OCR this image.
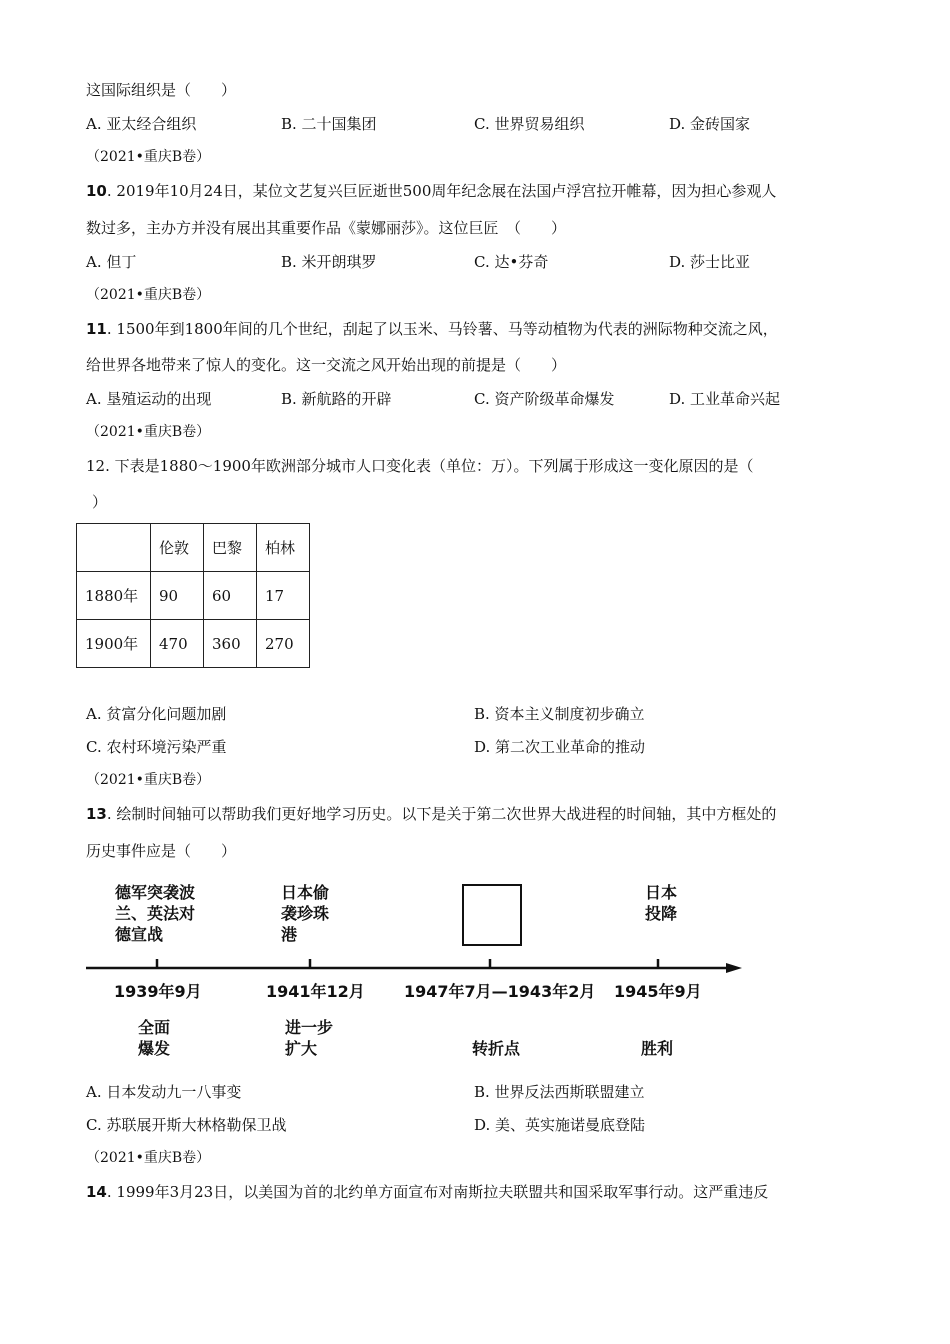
这国际组织是（　　）
A. 亚太经合组织	B. 二十国集团	C. 世界贸易组织	D. 金砖国家
（2021•重庆B卷）
10. 2019年10月24日，某位文艺复兴巨匠逝世500周年纪念展在法国卢浮宫拉开帷幕，因为担心参观人
数过多，主办方并没有展出其重要作品《蒙娜丽莎》。这位巨匠　（　　）
A. 但丁	B. 米开朗琪罗	C. 达•芬奇	D. 莎士比亚
（2021•重庆B卷）
11. 1500年到1800年间的几个世纪，刮起了以玉米、马铃薯、马等动植物为代表的洲际物种交流之风，
给世界各地带来了惊人的变化。这一交流之风开始出现的前提是（　　）
A. 垦殖运动的出现	B. 新航路的开辟	C. 资产阶级革命爆发	D. 工业革命兴起
（2021•重庆B卷）
12. 下表是1880～1900年欧洲部分城市人口变化表（单位：万）。下列属于形成这一变化原因的是（
）
	伦敦	巴黎	柏林
1880年	90	60	17
1900年	470	360	270
A. 贫富分化问题加剧	B. 资本主义制度初步确立
C. 农村环境污染严重	D. 第二次工业革命的推动
（2021•重庆B卷）
13. 绘制时间轴可以帮助我们更好地学习历史。以下是关于第二次世界大战进程的时间轴，其中方框处的
历史事件应是（　　）
德军突袭波
兰、英法对
德宣战
日本偷
袭珍珠
港
日本
投降
1939年9月	1941年12月 1947年7月—1943年2月 1945年9月
全面
爆发
进一步
扩大	转折点	胜利
A. 日本发动九一八事变	B. 世界反法西斯联盟建立
C. 苏联展开斯大林格勒保卫战	D. 美、英实施诺曼底登陆
（2021•重庆B卷）
14. 1999年3月23日，以美国为首的北约单方面宣布对南斯拉夫联盟共和国采取军事行动。这严重违反
